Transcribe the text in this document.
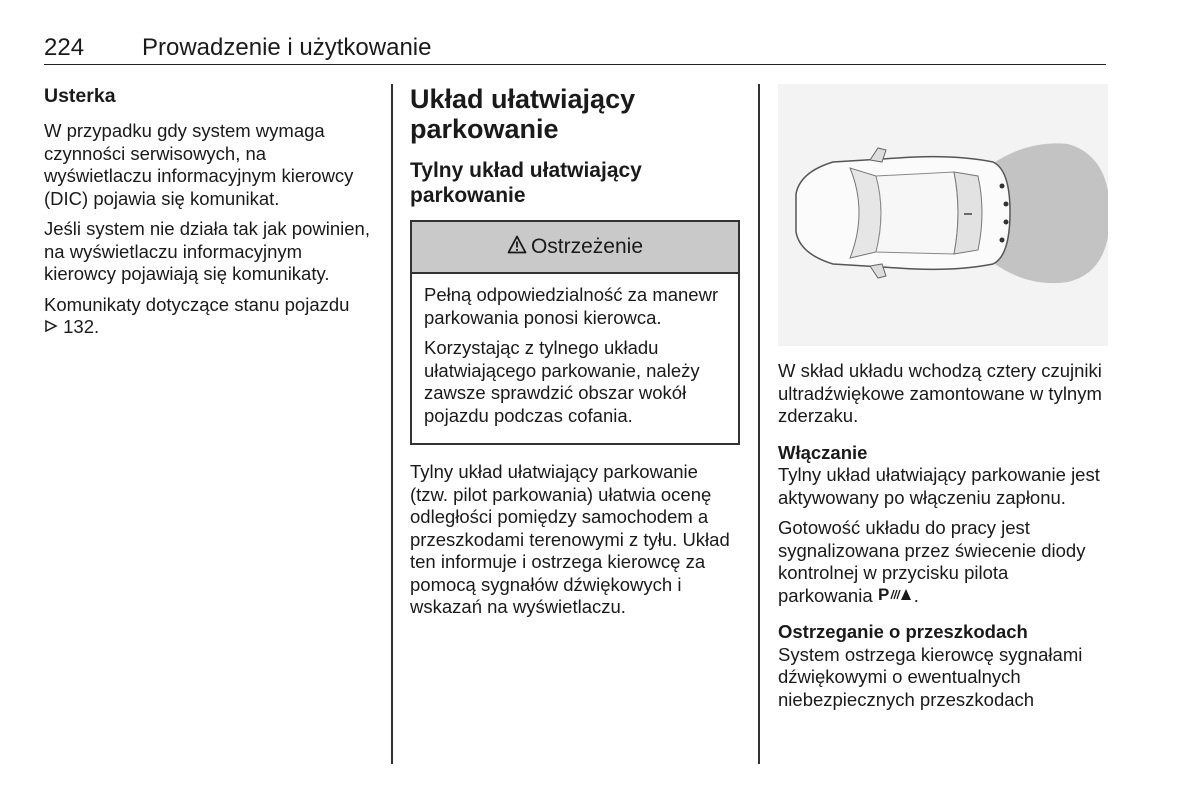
224 Prowadzenie i użytkowanie
Usterka

W przypadku gdy system wymaga czynności serwisowych, na wyświetlaczu informacyjnym kierowcy (DIC) pojawia się komunikat.

Jeśli system nie działa tak jak powinien, na wyświetlaczu informacyjnym kierowcy pojawiają się komunikaty.

Komunikaty dotyczące stanu pojazdu
132.

Układ ułatwiający parkowanie
Tylny układ ułatwiający parkowanie
Ostrzeżenie

Pełną odpowiedzialność za manewr parkowania ponosi kierowca.

Korzystając z tylnego układu ułatwiającego parkowanie, należy zawsze sprawdzić obszar wokół pojazdu podczas cofania.

Tylny układ ułatwiający parkowanie (tzw. pilot parkowania) ułatwia ocenę odległości pomiędzy samochodem a przeszkodami terenowymi z tyłu. Układ ten informuje i ostrzega kierowcę za pomocą sygnałów dźwiękowych i wskazań na wyświetlaczu.

W skład układu wchodzą cztery czujniki ultradźwiękowe zamontowane w tylnym zderzaku.

Włączanie

Tylny układ ułatwiający parkowanie jest aktywowany po włączeniu zapłonu.

Gotowość układu do pracy jest sygnalizowana przez świecenie diody kontrolnej w przycisku pilota parkowania P .

Ostrzeganie o przeszkodach

System ostrzega kierowcę sygnałami dźwiękowymi o ewentualnych niebezpiecznych przeszkodach
